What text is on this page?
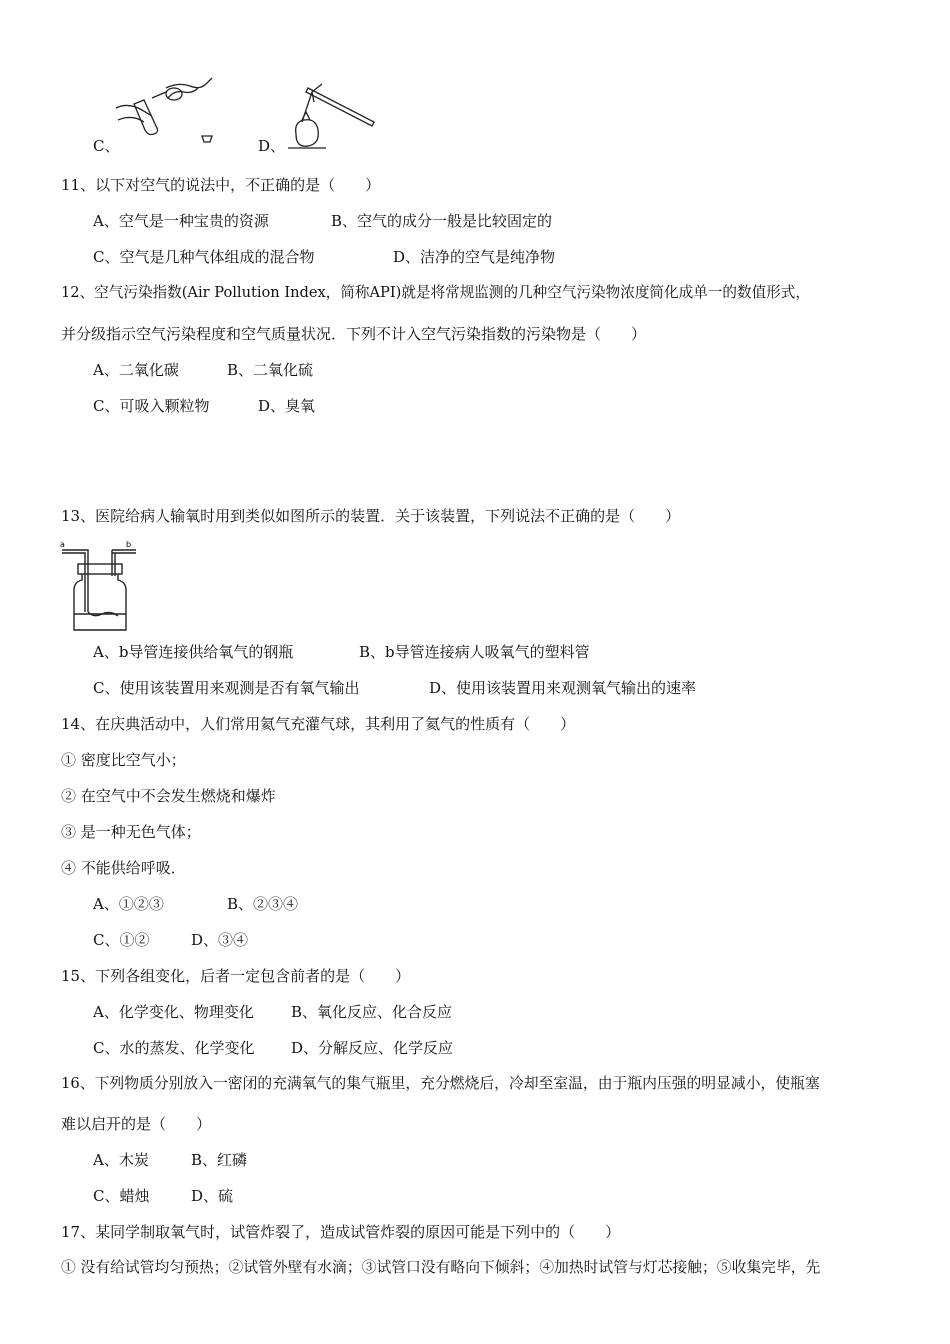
C、	D、
11、以下对空气的说法中，不正确的是（　　）
A、空气是一种宝贵的资源	B、空气的成分一般是比较固定的
C、空气是几种气体组成的混合物	D、洁净的空气是纯净物
12、空气污染指数(Air Pollution Index，简称API)就是将常规监测的几种空气污染物浓度简化成单一的数值形式，
并分级指示空气污染程度和空气质量状况．下列不计入空气污染指数的污染物是（　　）
A、二氧化碳	B、二氧化硫
C、可吸入颗粒物	D、臭氧
13、医院给病人输氧时用到类似如图所示的装置．关于该装置，下列说法不正确的是（　　）
a	b
A、b导管连接供给氧气的钢瓶	B、b导管连接病人吸氧气的塑料管
C、使用该装置用来观测是否有氧气输出	D、使用该装置用来观测氧气输出的速率
14、在庆典活动中，人们常用氦气充灌气球，其利用了氦气的性质有（　　）
① 密度比空气小；
② 在空气中不会发生燃烧和爆炸
③ 是一种无色气体；
④ 不能供给呼吸．
A、①②③	B、②③④
C、①②	D、③④
15、下列各组变化，后者一定包含前者的是（　　）
A、化学变化、物理变化 B、氧化反应、化合反应
C、水的蒸发、化学变化 D、分解反应、化学反应
16、下列物质分别放入一密闭的充满氧气的集气瓶里，充分燃烧后，冷却至室温，由于瓶内压强的明显减小，使瓶塞
难以启开的是（　　）
A、木炭	B、红磷
C、蜡烛	D、硫
17、某同学制取氧气时，试管炸裂了，造成试管炸裂的原因可能是下列中的（　　）
① 没有给试管均匀预热；②试管外壁有水滴；③试管口没有略向下倾斜；④加热时试管与灯芯接触；⑤收集完毕，先
